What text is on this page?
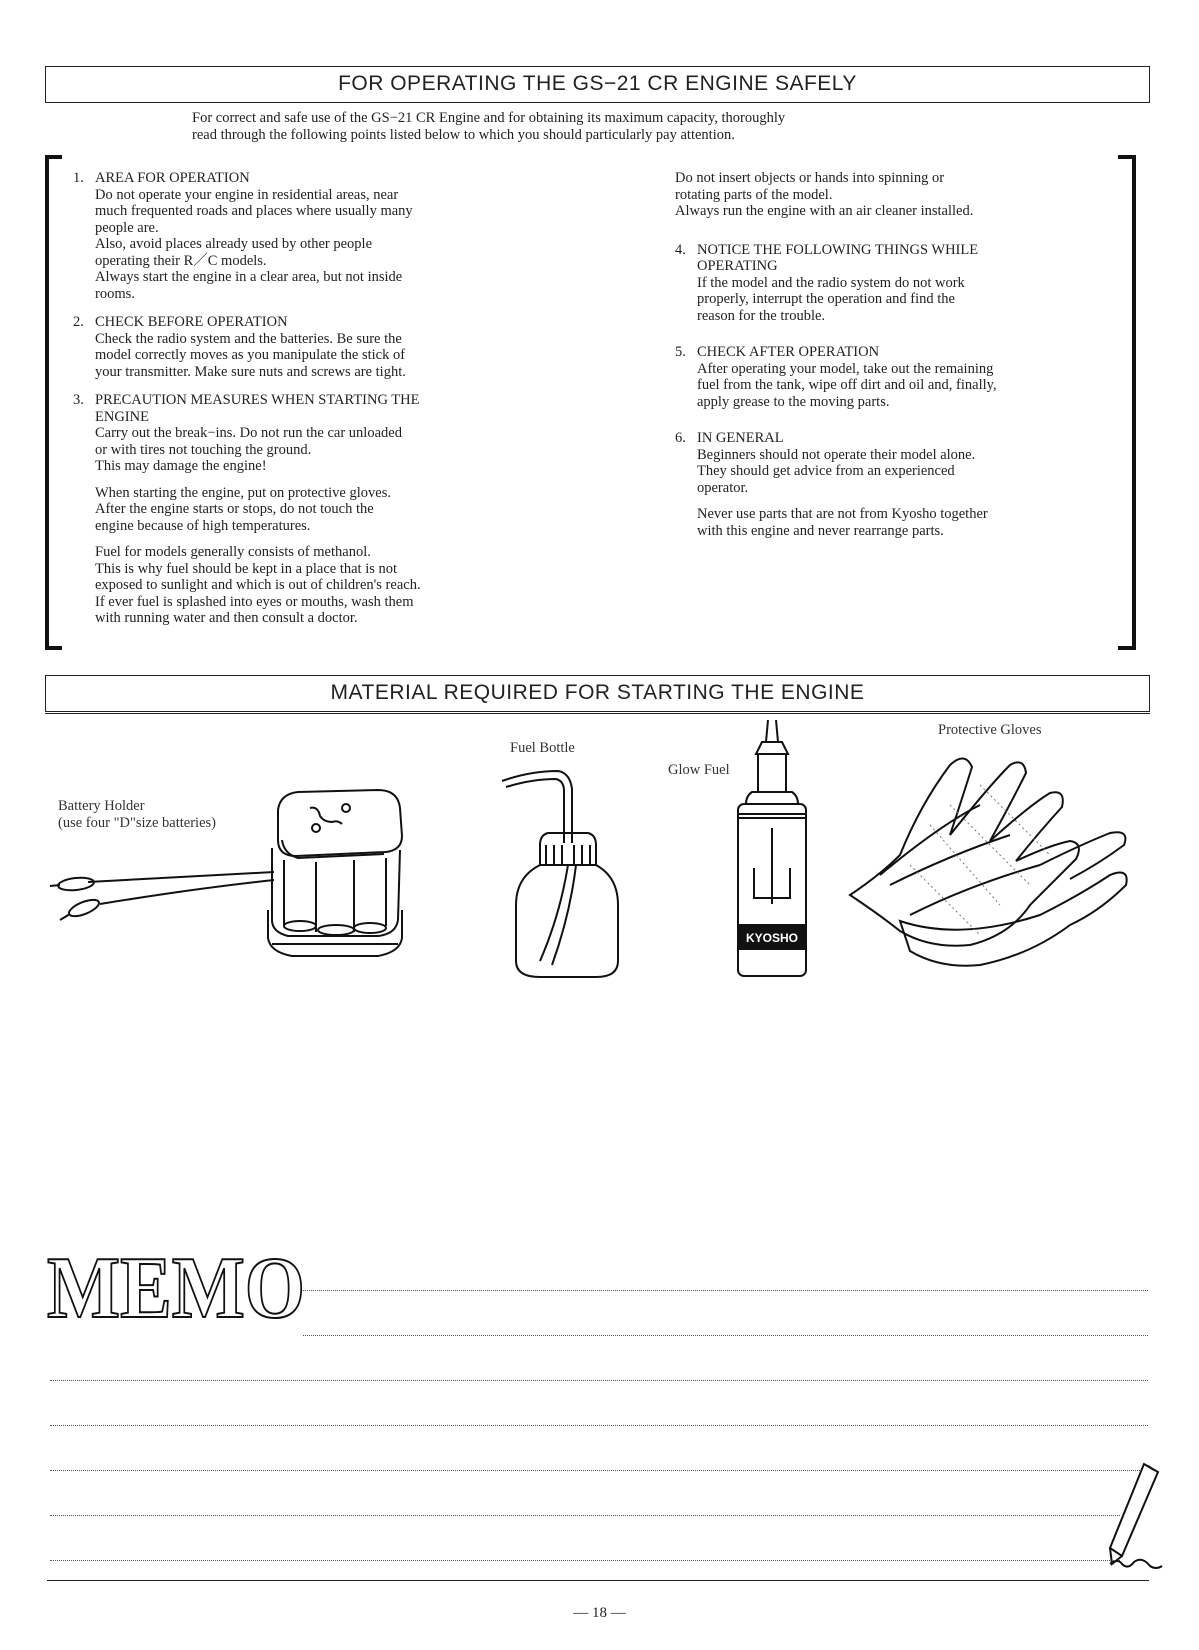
FOR OPERATING THE GS−21 CR ENGINE SAFELY

For correct and safe use of the GS−21 CR Engine and for obtaining its maximum capacity, thoroughly

read through the following points listed below to which you should particularly pay attention.

1. AREA FOR OPERATION

Do not operate your engine in residential areas, near
much frequented roads and places where usually many
people are.
Also, avoid places already used by other people
operating their R／C models.
Always start the engine in a clear area, but not inside
rooms.

2. CHECK BEFORE OPERATION

Check the radio system and the batteries. Be sure the
model correctly moves as you manipulate the stick of
your transmitter. Make sure nuts and screws are tight.

3. PRECAUTION MEASURES WHEN STARTING THE
ENGINE

Carry out the break−ins. Do not run the car unloaded
or with tires not touching the ground.
This may damage the engine!

When starting the engine, put on protective gloves.
After the engine starts or stops, do not touch the
engine because of high temperatures.

Fuel for models generally consists of methanol.
This is why fuel should be kept in a place that is not
exposed to sunlight and which is out of children's reach.
If ever fuel is splashed into eyes or mouths, wash them
with running water and then consult a doctor.

Do not insert objects or hands into spinning or
rotating parts of the model.
Always run the engine with an air cleaner installed.
4. NOTICE THE FOLLOWING THINGS WHILE
OPERATING

If the model and the radio system do not work
properly, interrupt the operation and find the
reason for the trouble.

5. CHECK AFTER OPERATION

After operating your model, take out the remaining
fuel from the tank, wipe off dirt and oil and, finally,
apply grease to the moving parts.

6. IN GENERAL

Beginners should not operate their model alone.
They should get advice from an experienced
operator.

Never use parts that are not from Kyosho together
with this engine and never rearrange parts.

MATERIAL REQUIRED FOR STARTING THE ENGINE
Battery Holder
(use four "D"size batteries)
Fuel Bottle
Glow Fuel
KYOSHO
Protective Gloves
MEMO
— 18 —
